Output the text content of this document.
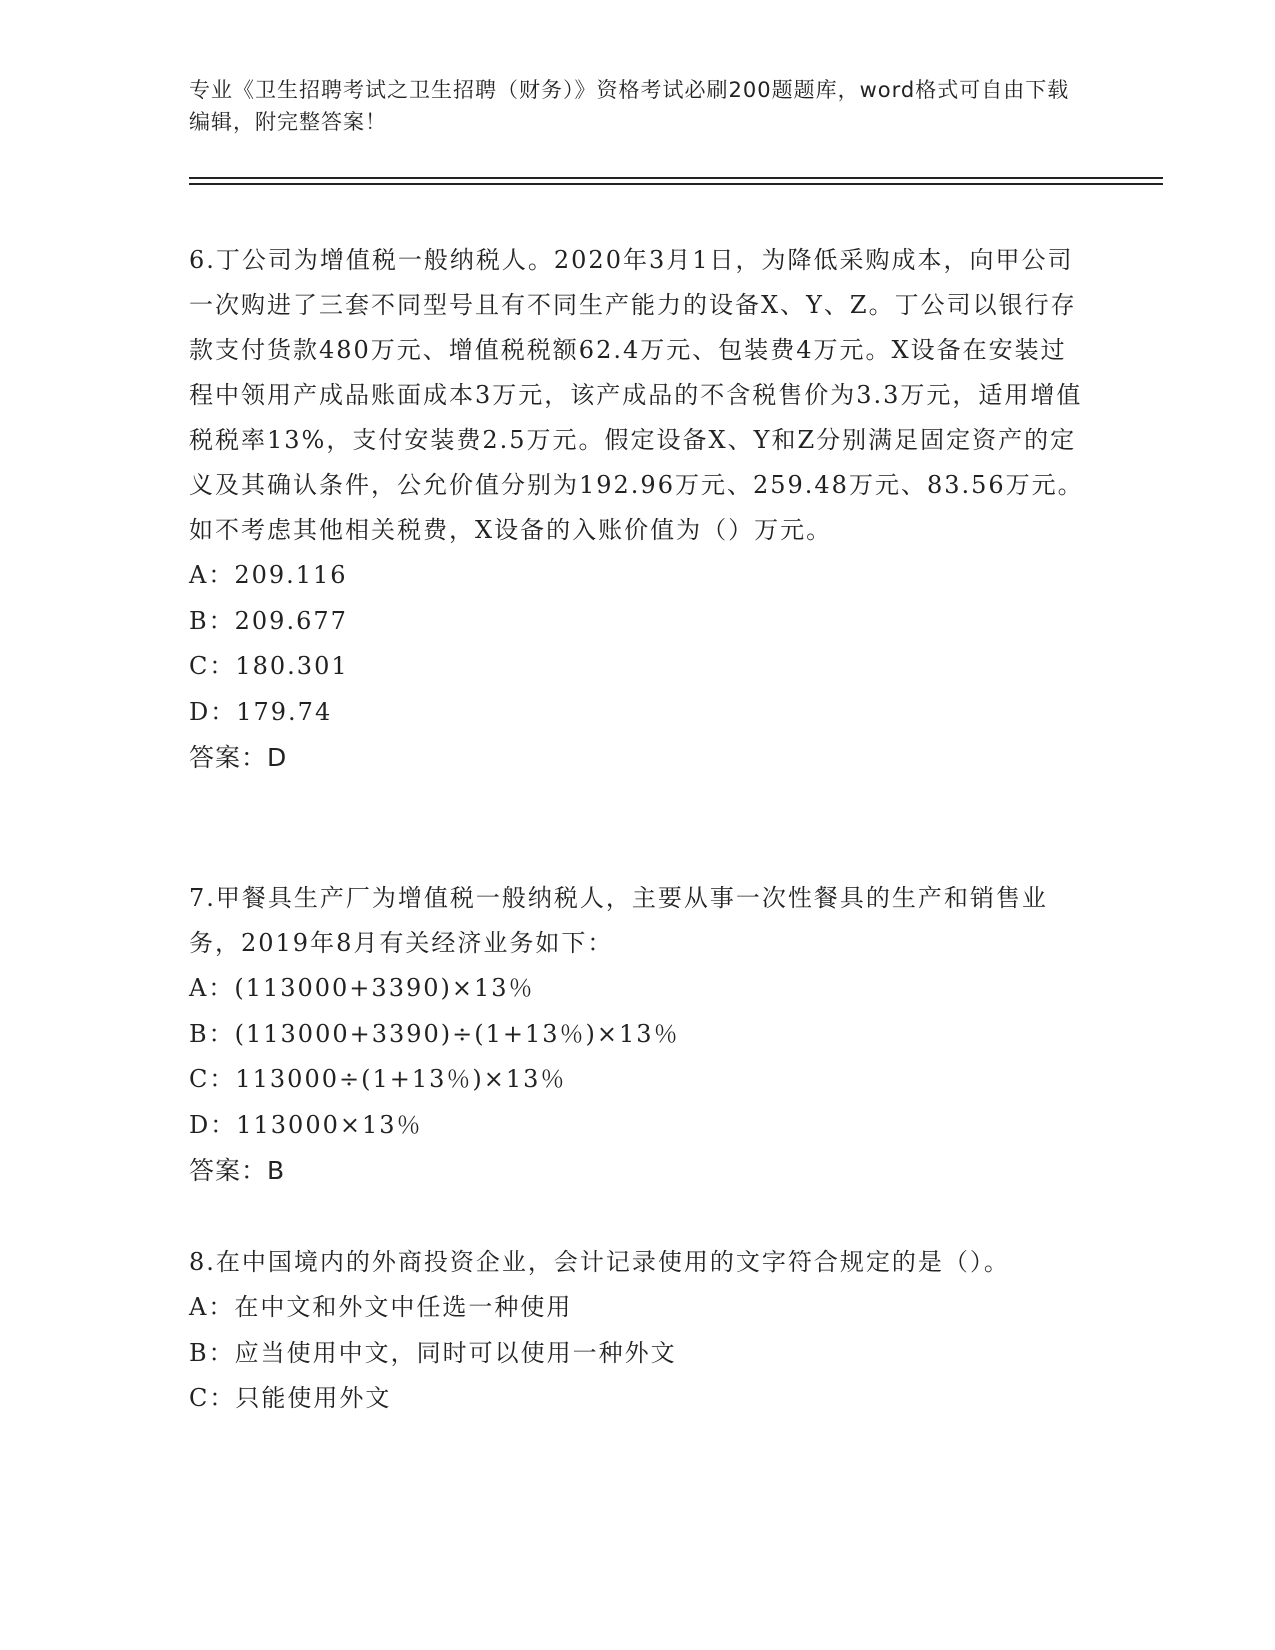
专业《卫生招聘考试之卫生招聘（财务）》资格考试必刷200题题库，word格式可自由下载编辑，附完整答案！

6.丁公司为增值税一般纳税人。2020年3月1日，为降低采购成本，向甲公司一次购进了三套不同型号且有不同生产能力的设备X、Y、Z。丁公司以银行存款支付货款480万元、增值税税额62.4万元、包装费4万元。X设备在安装过程中领用产成品账面成本3万元，该产成品的不含税售价为3.3万元，适用增值税税率13%，支付安装费2.5万元。假定设备X、Y和Z分别满足固定资产的定义及其确认条件，公允价值分别为192.96万元、259.48万元、83.56万元。如不考虑其他相关税费，X设备的入账价值为（）万元。

A：209.116

B：209.677

C：180.301

D：179.74

答案：D

7.甲餐具生产厂为增值税一般纳税人，主要从事一次性餐具的生产和销售业务，2019年8月有关经济业务如下：

A：(113000+3390)×13％

B：(113000+3390)÷(1+13％)×13％

C：113000÷(1+13％)×13％

D：113000×13％

答案：B

8.在中国境内的外商投资企业，会计记录使用的文字符合规定的是（）。

A：在中文和外文中任选一种使用

B：应当使用中文，同时可以使用一种外文

C：只能使用外文
